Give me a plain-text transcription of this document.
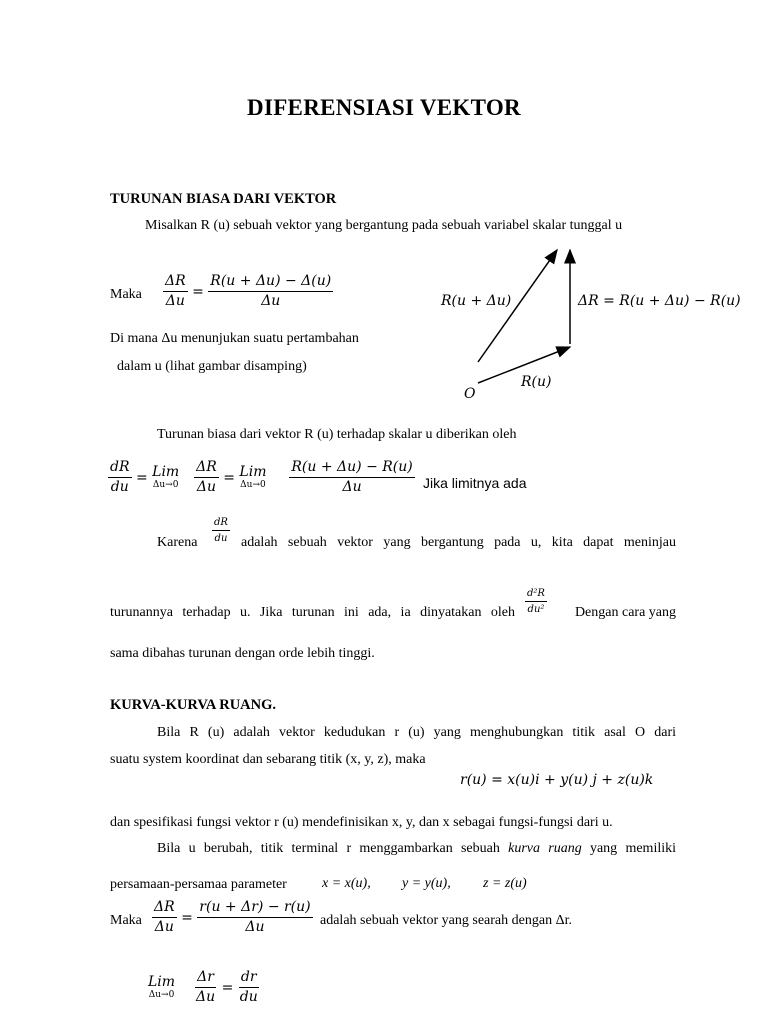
DIFERENSIASI VEKTOR
TURUNAN BIASA DARI VEKTOR
Misalkan R (u) sebuah vektor yang bergantung pada sebuah variabel skalar tunggal u
Maka $\frac{\Delta R}{\Delta u} = \frac{R(u + \Delta u) - \Delta(u)}{\Delta u}$
Di mana Δu menunjukan suatu pertambahan
dalam u (lihat gambar disamping)
R(u + Δu)	ΔR = R(u + Δu) − R(u)
R(u)
O
Turunan biasa dari vektor R (u) terhadap skalar u diberikan oleh
$\frac{dR}{du}$ = Lim
Δu→0
$\frac{\Delta R}{\Delta u}$ = Lim
Δu→0
$\frac{R(u + \Delta u) - R(u)}{\Delta u}$ Jika limitnya ada
Karena $\frac{dR}{du}$ adalah sebuah vektor yang bergantung pada u, kita dapat meninjau
turunannya terhadap u. Jika turunan ini ada, ia dinyatakan oleh $\frac{\text{d²R}}{\text{du²}}$	Dengan cara yang
sama dibahas turunan dengan orde lebih tinggi.
KURVA-KURVA RUANG.
Bila R (u) adalah vektor kedudukan r (u) yang menghubungkan titik asal O dari
suatu system koordinat dan sebarang titik (x, y, z), maka
r(u) = x(u)i + y(u) j + z(u)k
dan spesifikasi fungsi vektor r (u) mendefinisikan x, y, dan x sebagai fungsi-fungsi dari u.
Bila u berubah, titik terminal r menggambarkan sebuah kurva ruang yang memiliki
persamaan-persamaa parameter	x = x(u), y = y(u), z = z(u)
Maka $\frac{\Delta R}{\Delta u} = \frac{r(u + \Delta r) - r(u)}{\Delta u}$ adalah sebuah vektor yang searah dengan Δr.
Lim
Δu→0
$\frac{\Delta r}{\Delta u} = \frac{dr}{du}$
